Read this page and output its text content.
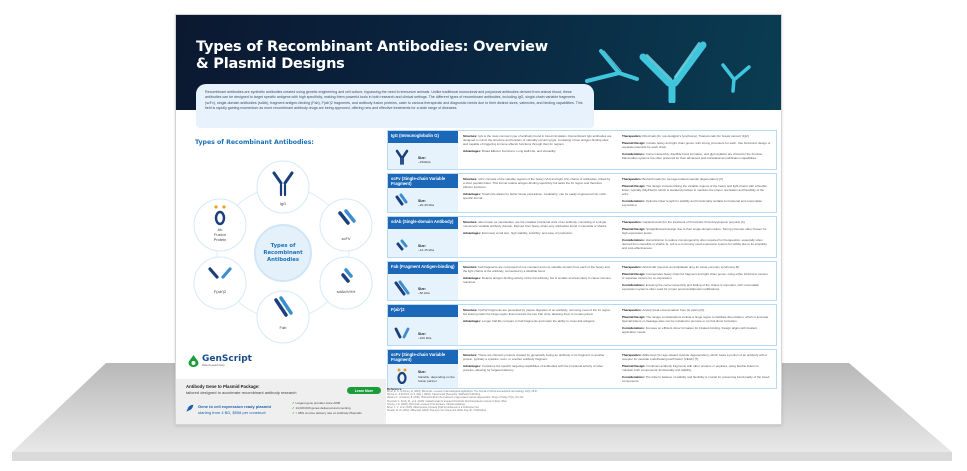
Types of Recombinant Antibodies: Overview & Plasmid Designs

Recombinant antibodies are synthetic antibodies created using genetic engineering and cell culture, bypassing the need to immunize animals. Unlike traditional monoclonal and polyclonal antibodies derived from animal blood, these antibodies can be designed to target specific antigens with high specificity, making them powerful tools in both research and clinical settings. The different types of recombinant antibodies, including IgG, single-chain variable fragments (scFv), single-domain antibodies (sdAb), fragment antigen-binding (Fab), F(ab')2 fragments, and antibody fusion proteins, cater to various therapeutic and diagnostic needs due to their distinct sizes, valencies, and binding capabilities. This field is rapidly gaining momentum as more recombinant antibody drugs are being approved, offering new and effective treatments for a wide range of diseases.

Types of Recombinant Antibodies:
Types of
Recombinant
Antibodies
IgG
scFV
sdAb/VHH
Fab
F(ab')2
Ab
Fusion
Protein
GenScript
Make Research Easy
Antibody Gene to Plasmid Package:
tailored designed to accelerate recombinant antibody research	Learn More
Gene to cell expression ready plasmid
starting from 4 BD, $558 per construct
✓Largest gene provider since 2008
✓14,000,000 genes delivered and counting
✓> 98% on-time delivery rate on Antibody Plasmids
IgG (Immunoglobulin G)
Size:
~150kDa

Structure: IgG is the most common type of antibody found in blood circulation. Recombinant IgG antibodies are designed to mimic the structure and function of naturally occurring IgG, consisting of two antigen-binding sites and capable of triggering immune effector functions through their Fc regions.

Advantages: Broad Effector Functions; Long Half-Life, and Versatility.

Therapeutics: Rituximab (for non-Hodgkin's lymphoma), Trastuzumab (for breast cancer) [1][2].

Plasmid Design: Include heavy and light chain genes, with strong promoters for each. Use bicistronic design or separate plasmids for each chain.

Considerations: Correct assembly, disulfide bond formation, and glycosylation are critical for the function. Mammalian systems are often preferred for their advanced post-translational modification capabilities.

scFv (Single-chain Variable Fragment)
Size:
~20-30 kDa

Structure: scFv consists of the variable regions of the heavy (VH) and light (VL) chains of antibodies, linked by a short peptide linker. This format retains antigen-binding specificity but lacks the Fc region and therefore effector functions.

Advantages: Small size allows for better tissue penetration, modularity: can be easily engineered into multi-specific format.

Therapeutics: Brolucizumab (for wet age-related macular degeneration) [3].

Plasmid Design: The design involves linking the variable regions of the heavy and light chains with a flexible linker, typically (Gly4Ser)3, which is standard practice to maintain the proper orientation and flexibility of the scFv.

Considerations: Optimize linker length for stability and functionality suitable for bacterial and mammalian expression.

sdAb (Single-domain Antibody)
Size:
~12-15 kDa

Structure: also known as nanobodies, are the smallest functional units of an antibody, consisting of a single monomeric variable antibody domain. Derived from heavy-chain-only antibodies found in camelids or sharks.

Advantages: Extremely small size, high stability, solubility, and ease of production.

Therapeutics: Caplacizumab (for the treatment of thrombotic thrombocytopenic purpura) [4].

Plasmid Design: Straightforward design due to their single-domain nature. Strong promoter often chosen for high expression levels.

Considerations: Humanization to reduce immunogenicity often required for therapeutics, especially when derived from camelids or sharks. E. coli is a commonly used expression system for sdAbs due to its simplicity and cost-effectiveness.

Fab (Fragment Antigen-binding)
Size:
~50 kDa

Structure: Fab fragments are composed of one constant and one variable domain from each of the heavy and the light chains of the antibody, connected by a disulfide bond.

Advantages: Retains antigen-binding activity of the full antibody, but is smaller and less likely to cause immune reactions.

Therapeutics: Abciximab (used as an antiplatelet drug for acute coronary syndrome) [5].

Plasmid Design: Incorporates heavy chain Fd fragment and light chain genes, using either bicistronic vectors or separate vectors for co-expression.

Considerations: Ensuring the correct assembly and folding of the chains is important, with mammalian expression systems often used for proper post-translational modifications.

F(ab')2
Size:
~100 kDa

Structure: F(ab')2 fragments are generated by pepsin digestion of an antibody, removing most of the Fc region but leaving intact the hinge region that connects the two Fab units, allowing them to remain joined.

Advantages: Longer half-life compare to Fab fragments and retain the ability to cross-link antigens.

Therapeutics: Anavip (treat envenomation from pit vipers) [6].

Plasmid Design: The design considerations include a hinge region to facilitate dimerization, which is accurate. Special linkers or cleavage sites can be included to promote or control dimer formation.

Considerations: Focuses on efficient dimer formation for bivalent binding. Design aligns with bivalent application needs.

scFv (Single-chain Variable Fragment)
Size:
Variable, depending on the fusion partner

Structure: These are chimeric proteins created by genetically fusing an antibody or its fragment to another protein, typically a cytokine, toxin, or another antibody fragment.

Advantages: Combines the specific targeting capabilities of antibodies with the functional activity of other proteins, allowing for targeted delivery.

Therapeutics: Aflibercept (for age-related macular degeneration), which fuses a portion of an antibody with a receptor for vascular endothelial growth factor (VEGF) [7].

Plasmid Design: Combines antibody fragments with other proteins or peptides, using flexible linkers to maintain both components' functionality and stability.

Considerations: The linker's balance of stability and flexibility is crucial for preserving functionality of the fused components.

Reference
Boyer, E. S., & Dorner, M. (2019). Rituximab: a review of dermatological applications. The Journal of clinical and aesthetic dermatology, 12(6), 28-37.
Skrzek, A., & Rinholm, M. S. (Eds.). (2018). Trastuzumab (Herceptin). StatPearls Publishing.
Malesu, D., & Sharma, B. (2021). Brolucizumab for the treatment of age-related macular degeneration. Drugs of Today, 57(2), 101-112.
Peyvandi, F., Scully, M., et al. (2016). Caplacizumab for acquired thrombotic thrombocytopenic purpura. N Engl J Med.
Tcheng, J. E. (2000). Abciximab: a review of the literature. Clinical cardiology.
Boyer, L. V., et al. (2015). Effectiveness of Anavip (F(ab')2) antivenom in a multicenter trial.
Stewart, M. W. (2012). Aflibercept (VEGF Trap-eye): the newest anti-VEGF drug. Br J Ophthalmol.
